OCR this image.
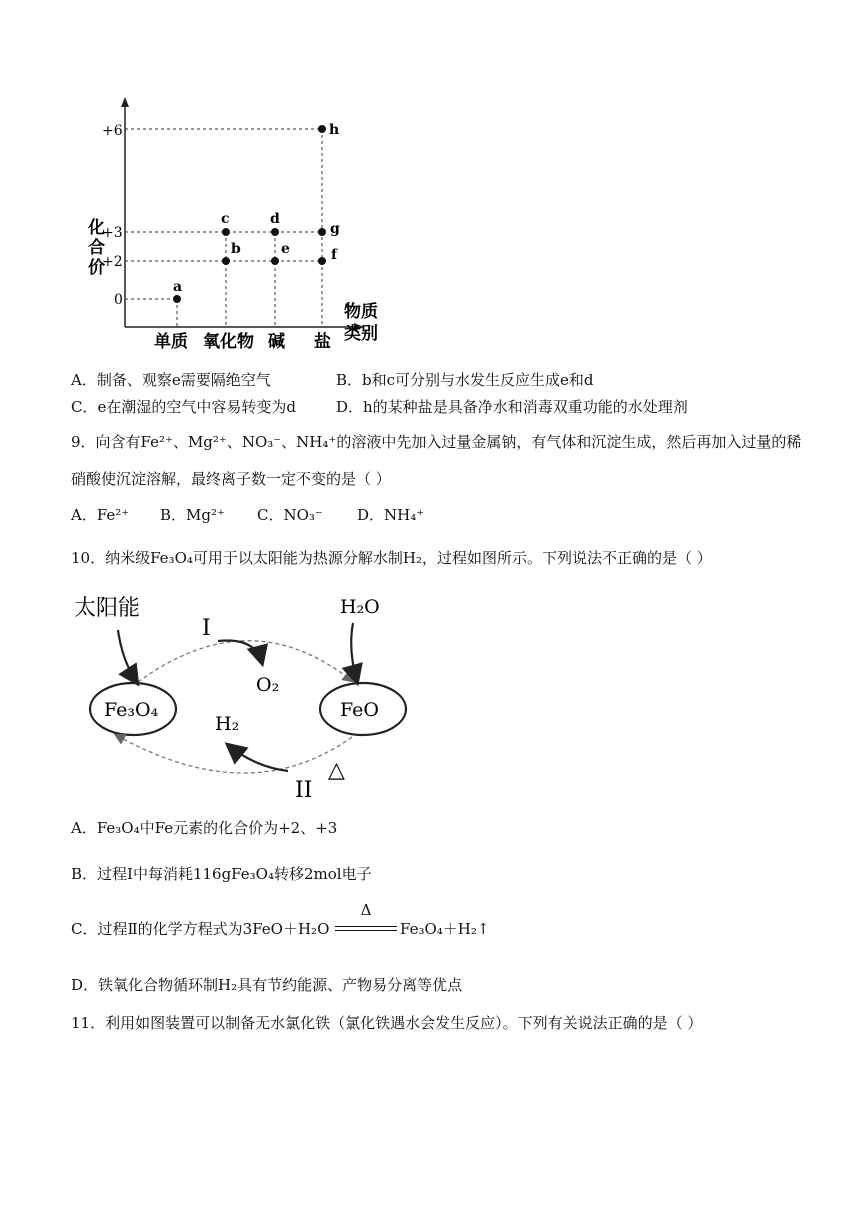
化
合
价
+6
+3
+2
0
a
b
c	d
e	f
g
h
单质 氧化物 碱 盐
物质
类别
A．制备、观察e需要隔绝空气	B．b和c可分别与水发生反应生成e和d
C．e在潮湿的空气中容易转变为d	D．h的某种盐是具备净水和消毒双重功能的水处理剂
9．向含有Fe²⁺、Mg²⁺、NO₃⁻、NH₄⁺的溶液中先加入过量金属钠，有气体和沉淀生成，然后再加入过量的稀
硝酸使沉淀溶解，最终离子数一定不变的是（ ）
A．Fe²⁺ B．Mg²⁺ C．NO₃⁻ D．NH₄⁺
10．纳米级Fe₃O₄可用于以太阳能为热源分解水制H₂，过程如图所示。下列说法不正确的是（ ）
Fe₃O₄	FeO
太阳能	H₂O
I
O₂
H₂
II
△
A．Fe₃O₄中Fe元素的化合价为+2、+3
B．过程Ⅰ中每消耗116gFe₃O₄转移2mol电子
C．过程Ⅱ的化学方程式为3FeO＋H₂O
Δ
Fe₃O₄＋H₂↑
D．铁氧化合物循环制H₂具有节约能源、产物易分离等优点
11．利用如图装置可以制备无水氯化铁（氯化铁遇水会发生反应）。下列有关说法正确的是（ ）
